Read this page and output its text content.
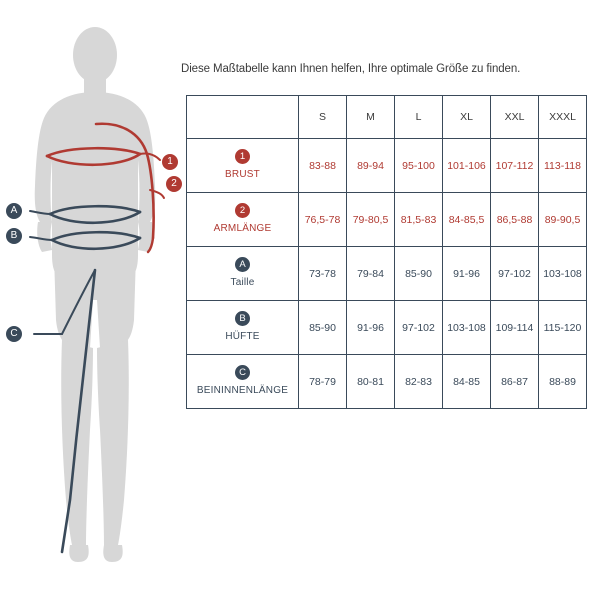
1
2
A
B
C
Diese Maßtabelle kann Ihnen helfen, Ihre optimale Größe zu finden.
	S	M	L	XL	XXL	XXXL

1
BRUST	83-88	89-94	95-100	101-106	107-112	113-118

2
ARMLÄNGE	76,5-78	79-80,5	81,5-83	84-85,5	86,5-88	89-90,5

A
Taille	73-78	79-84	85-90	91-96	97-102	103-108

B
HÜFTE	85-90	91-96	97-102	103-108	109-114	115-120

C
BEININNENLÄNGE	78-79	80-81	82-83	84-85	86-87	88-89
